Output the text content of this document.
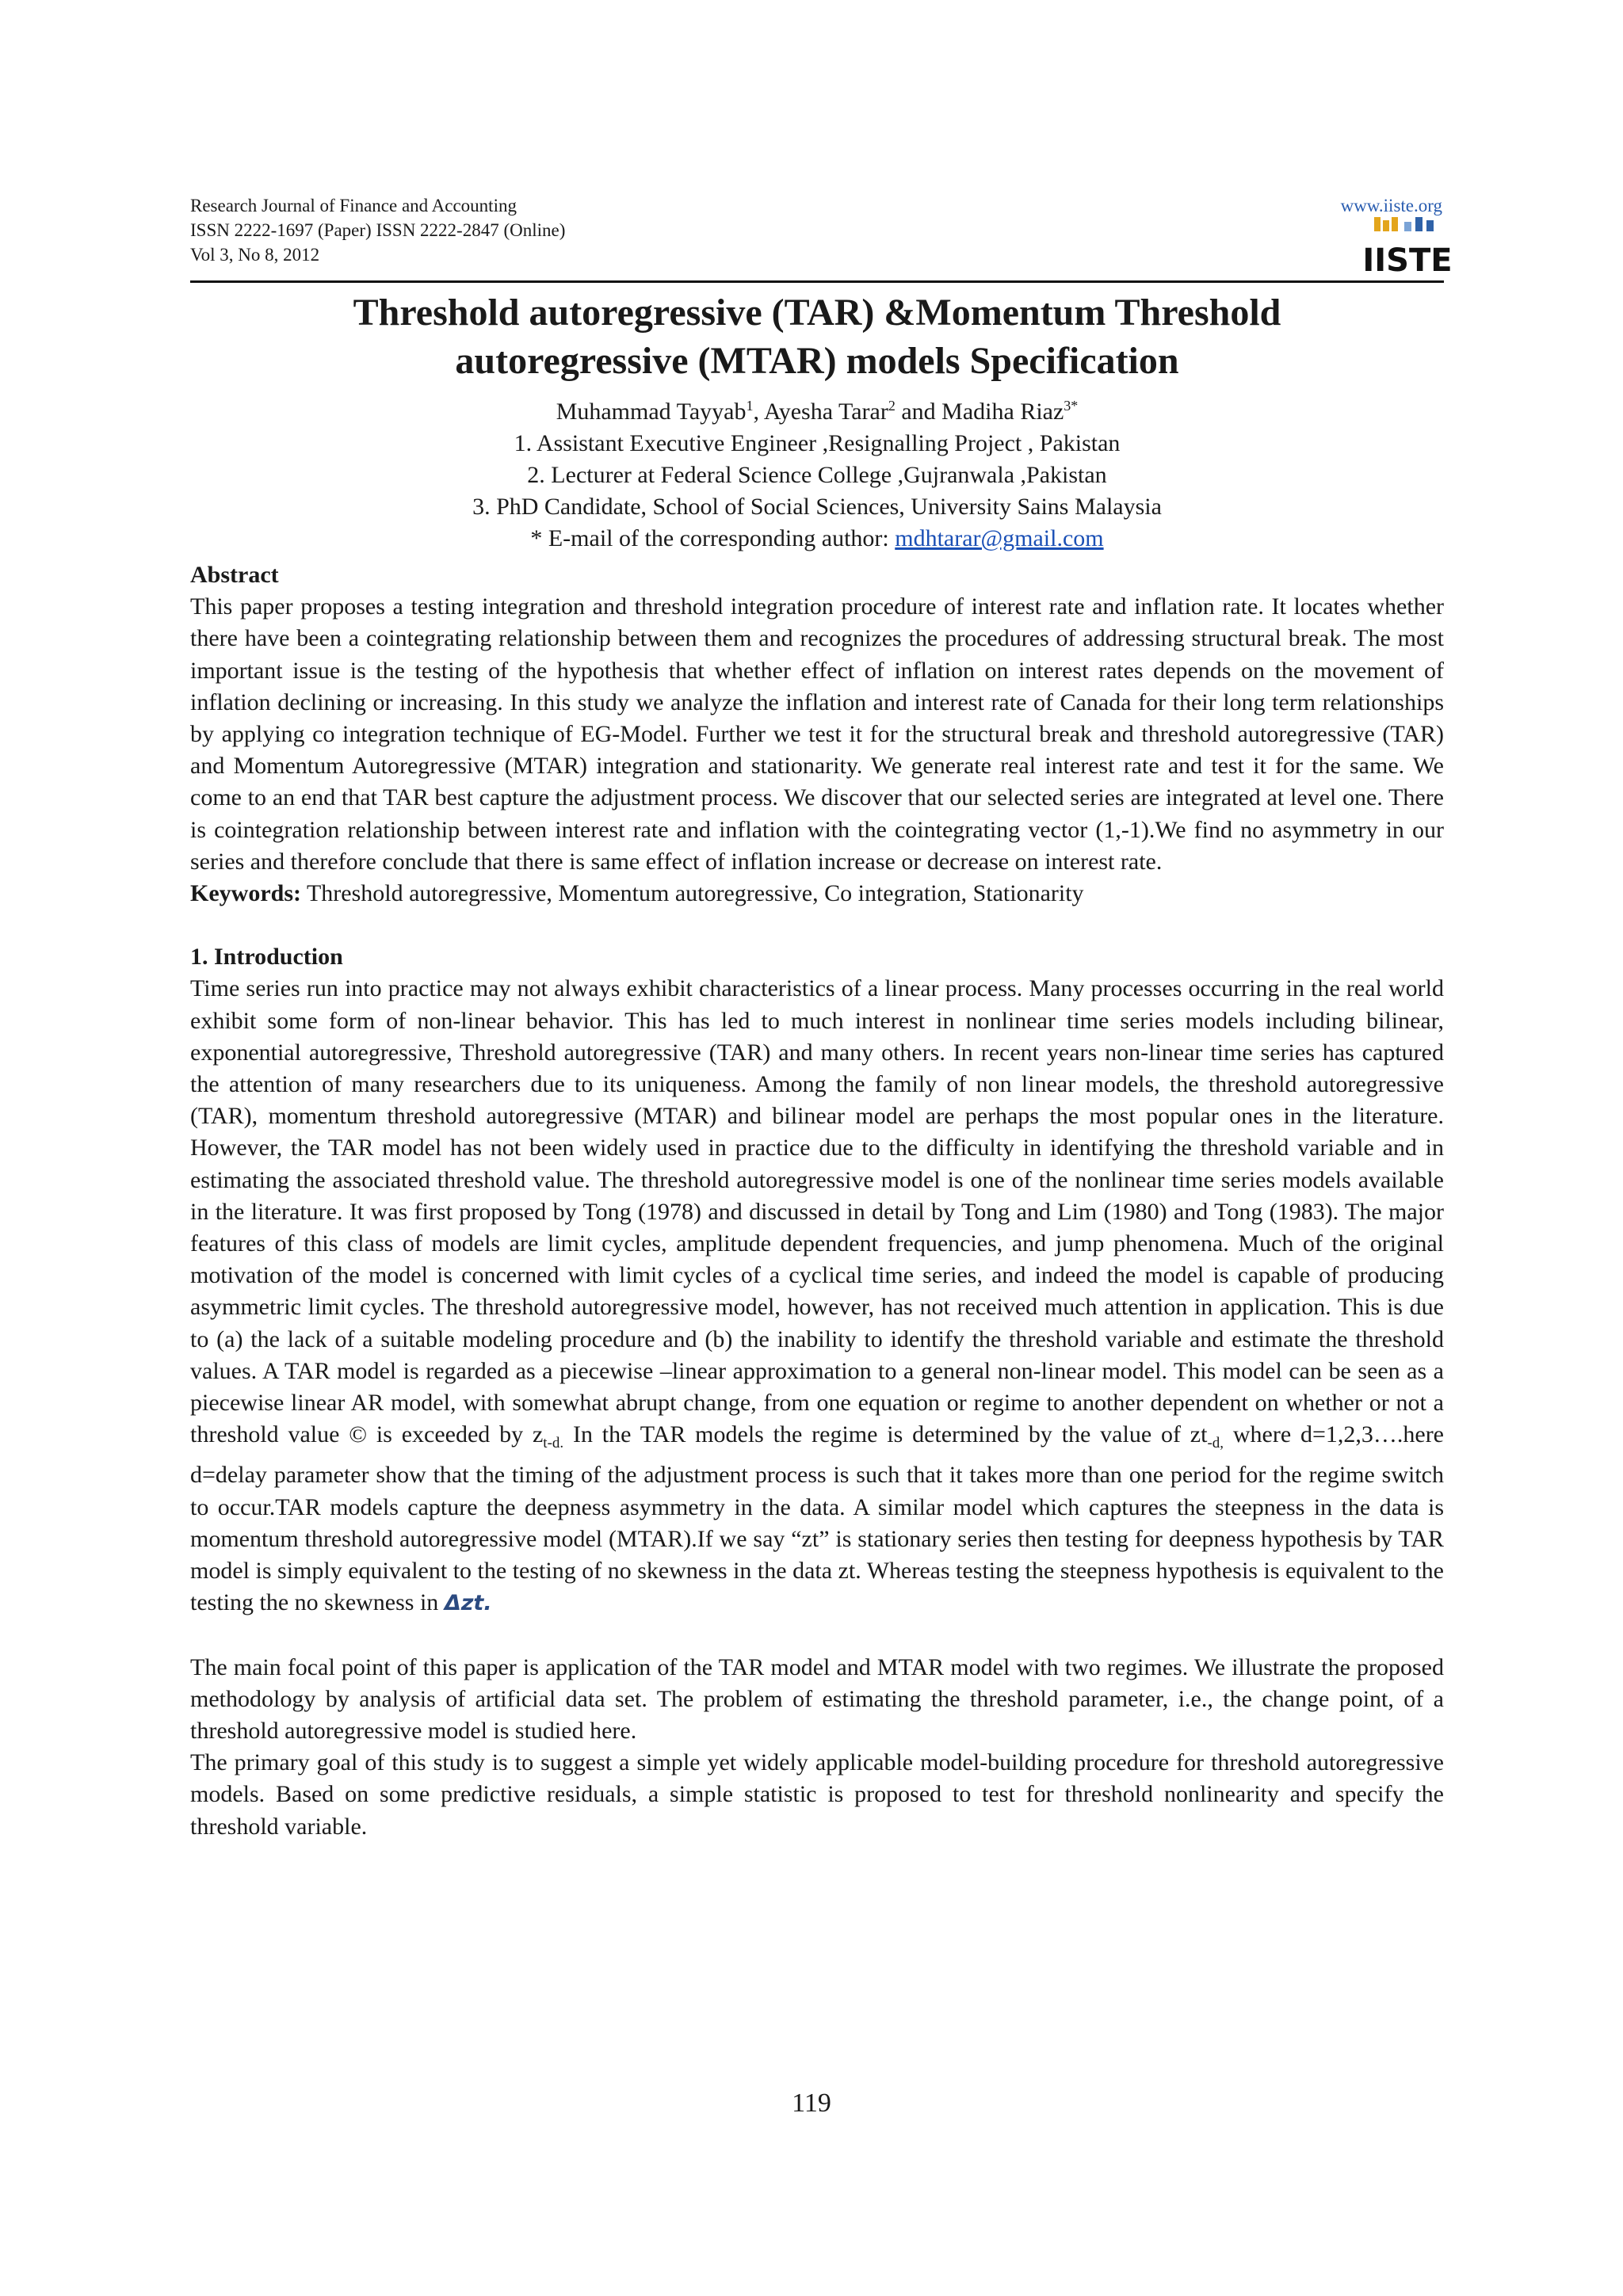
Research Journal of Finance and Accounting
ISSN 2222-1697 (Paper) ISSN 2222-2847 (Online)
Vol 3, No 8, 2012
www.iiste.org
IISTE
Threshold autoregressive (TAR) &Momentum Threshold
autoregressive (MTAR) models Specification
Muhammad Tayyab$^1$, Ayesha Tarar$^2$ and Madiha Riaz$^{3*}$
1. Assistant Executive Engineer ,Resignalling Project , Pakistan
2. Lecturer at Federal Science College ,Gujranwala ,Pakistan
3. PhD Candidate, School of Social Sciences, University Sains Malaysia
* E-mail of the corresponding author: mdhtarar@gmail.com

Abstract

This paper proposes a testing integration and threshold integration procedure of interest rate and inflation rate. It locates whether there have been a cointegrating relationship between them and recognizes the procedures of addressing structural break. The most important issue is the testing of the hypothesis that whether effect of inflation on interest rates depends on the movement of inflation declining or increasing. In this study we analyze the inflation and interest rate of Canada for their long term relationships by applying co integration technique of EG-Model. Further we test it for the structural break and threshold autoregressive (TAR) and Momentum Autoregressive (MTAR) integration and stationarity. We generate real interest rate and test it for the same. We come to an end that TAR best capture the adjustment process. We discover that our selected series are integrated at level one. There is cointegration relationship between interest rate and inflation with the cointegrating vector (1,-1).We find no asymmetry in our series and therefore conclude that there is same effect of inflation increase or decrease on interest rate.

Keywords: Threshold autoregressive, Momentum autoregressive, Co integration, Stationarity

1. Introduction

Time series run into practice may not always exhibit characteristics of a linear process. Many processes occurring in the real world exhibit some form of non-linear behavior. This has led to much interest in nonlinear time series models including bilinear, exponential autoregressive, Threshold autoregressive (TAR) and many others. In recent years non-linear time series has captured the attention of many researchers due to its uniqueness. Among the family of non linear models, the threshold autoregressive (TAR), momentum threshold autoregressive (MTAR) and bilinear model are perhaps the most popular ones in the literature. However, the TAR model has not been widely used in practice due to the difficulty in identifying the threshold variable and in estimating the associated threshold value. The threshold autoregressive model is one of the nonlinear time series models available in the literature. It was first proposed by Tong (1978) and discussed in detail by Tong and Lim (1980) and Tong (1983). The major features of this class of models are limit cycles, amplitude dependent frequencies, and jump phenomena. Much of the original motivation of the model is concerned with limit cycles of a cyclical time series, and indeed the model is capable of producing asymmetric limit cycles. The threshold autoregressive model, however, has not received much attention in application. This is due to (a) the lack of a suitable modeling procedure and (b) the inability to identify the threshold variable and estimate the threshold values. A TAR model is regarded as a piecewise –linear approximation to a general non-linear model. This model can be seen as a piecewise linear AR model, with somewhat abrupt change, from one equation or regime to another dependent on whether or not a threshold value © is exceeded by $z_{t-d.}$ In the TAR models the regime is determined by the value of $zt_{-d,}$ where d=1,2,3….here d=delay parameter show that the timing of the adjustment process is such that it takes more than one period for the regime switch to occur.TAR models capture the deepness asymmetry in the data. A similar model which captures the steepness in the data is momentum threshold autoregressive model (MTAR).If we say “zt” is stationary series then testing for deepness hypothesis by TAR model is simply equivalent to the testing of no skewness in the data zt. Whereas testing the steepness hypothesis is equivalent to the testing the no skewness in Δzt.

The main focal point of this paper is application of the TAR model and MTAR model with two regimes. We illustrate the proposed methodology by analysis of artificial data set. The problem of estimating the threshold parameter, i.e., the change point, of a threshold autoregressive model is studied here.

The primary goal of this study is to suggest a simple yet widely applicable model-building procedure for threshold autoregressive models. Based on some predictive residuals, a simple statistic is proposed to test for threshold nonlinearity and specify the threshold variable.

119
